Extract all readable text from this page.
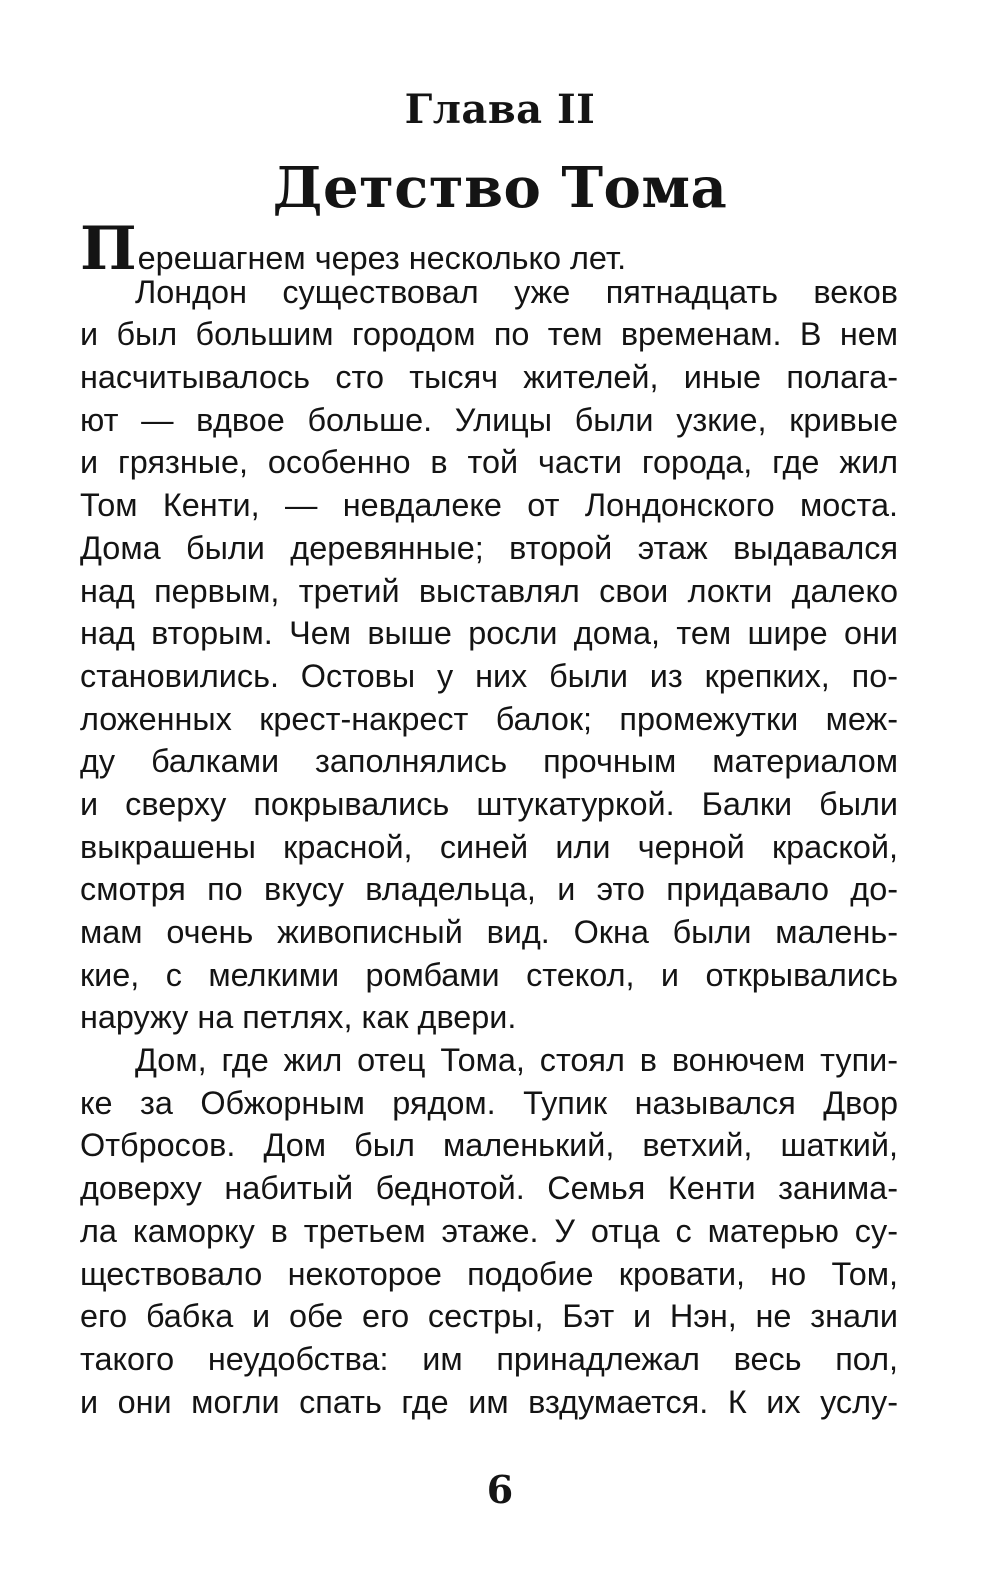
Глава II
Детство Тома

Перешагнем через несколько лет.

Лондон существовал уже пятнадцать веков
и был большим городом по тем временам. В нем
насчитывалось сто тысяч жителей, иные полага-
ют — вдвое больше. Улицы были узкие, кривые
и грязные, особенно в той части города, где жил
Том Кенти, — невдалеке от Лондонского моста.
Дома были деревянные; второй этаж выдавался
над первым, третий выставлял свои локти далеко
над вторым. Чем выше росли дома, тем шире они
становились. Остовы у них были из крепких, по-
ложенных крест-накрест балок; промежутки меж-
ду балками заполнялись прочным материалом
и сверху покрывались штукатуркой. Балки были
выкрашены красной, синей или черной краской,
смотря по вкусу владельца, и это придавало до-
мам очень живописный вид. Окна были малень-
кие, с мелкими ромбами стекол, и открывались
наружу на петлях, как двери.

Дом, где жил отец Тома, стоял в вонючем тупи-
ке за Обжорным рядом. Тупик назывался Двор
Отбросов. Дом был маленький, ветхий, шаткий,
доверху набитый беднотой. Семья Кенти занима-
ла каморку в третьем этаже. У отца с матерью су-
ществовало некоторое подобие кровати, но Том,
его бабка и обе его сестры, Бэт и Нэн, не знали
такого неудобства: им принадлежал весь пол,
и они могли спать где им вздумается. К их услу-

6
